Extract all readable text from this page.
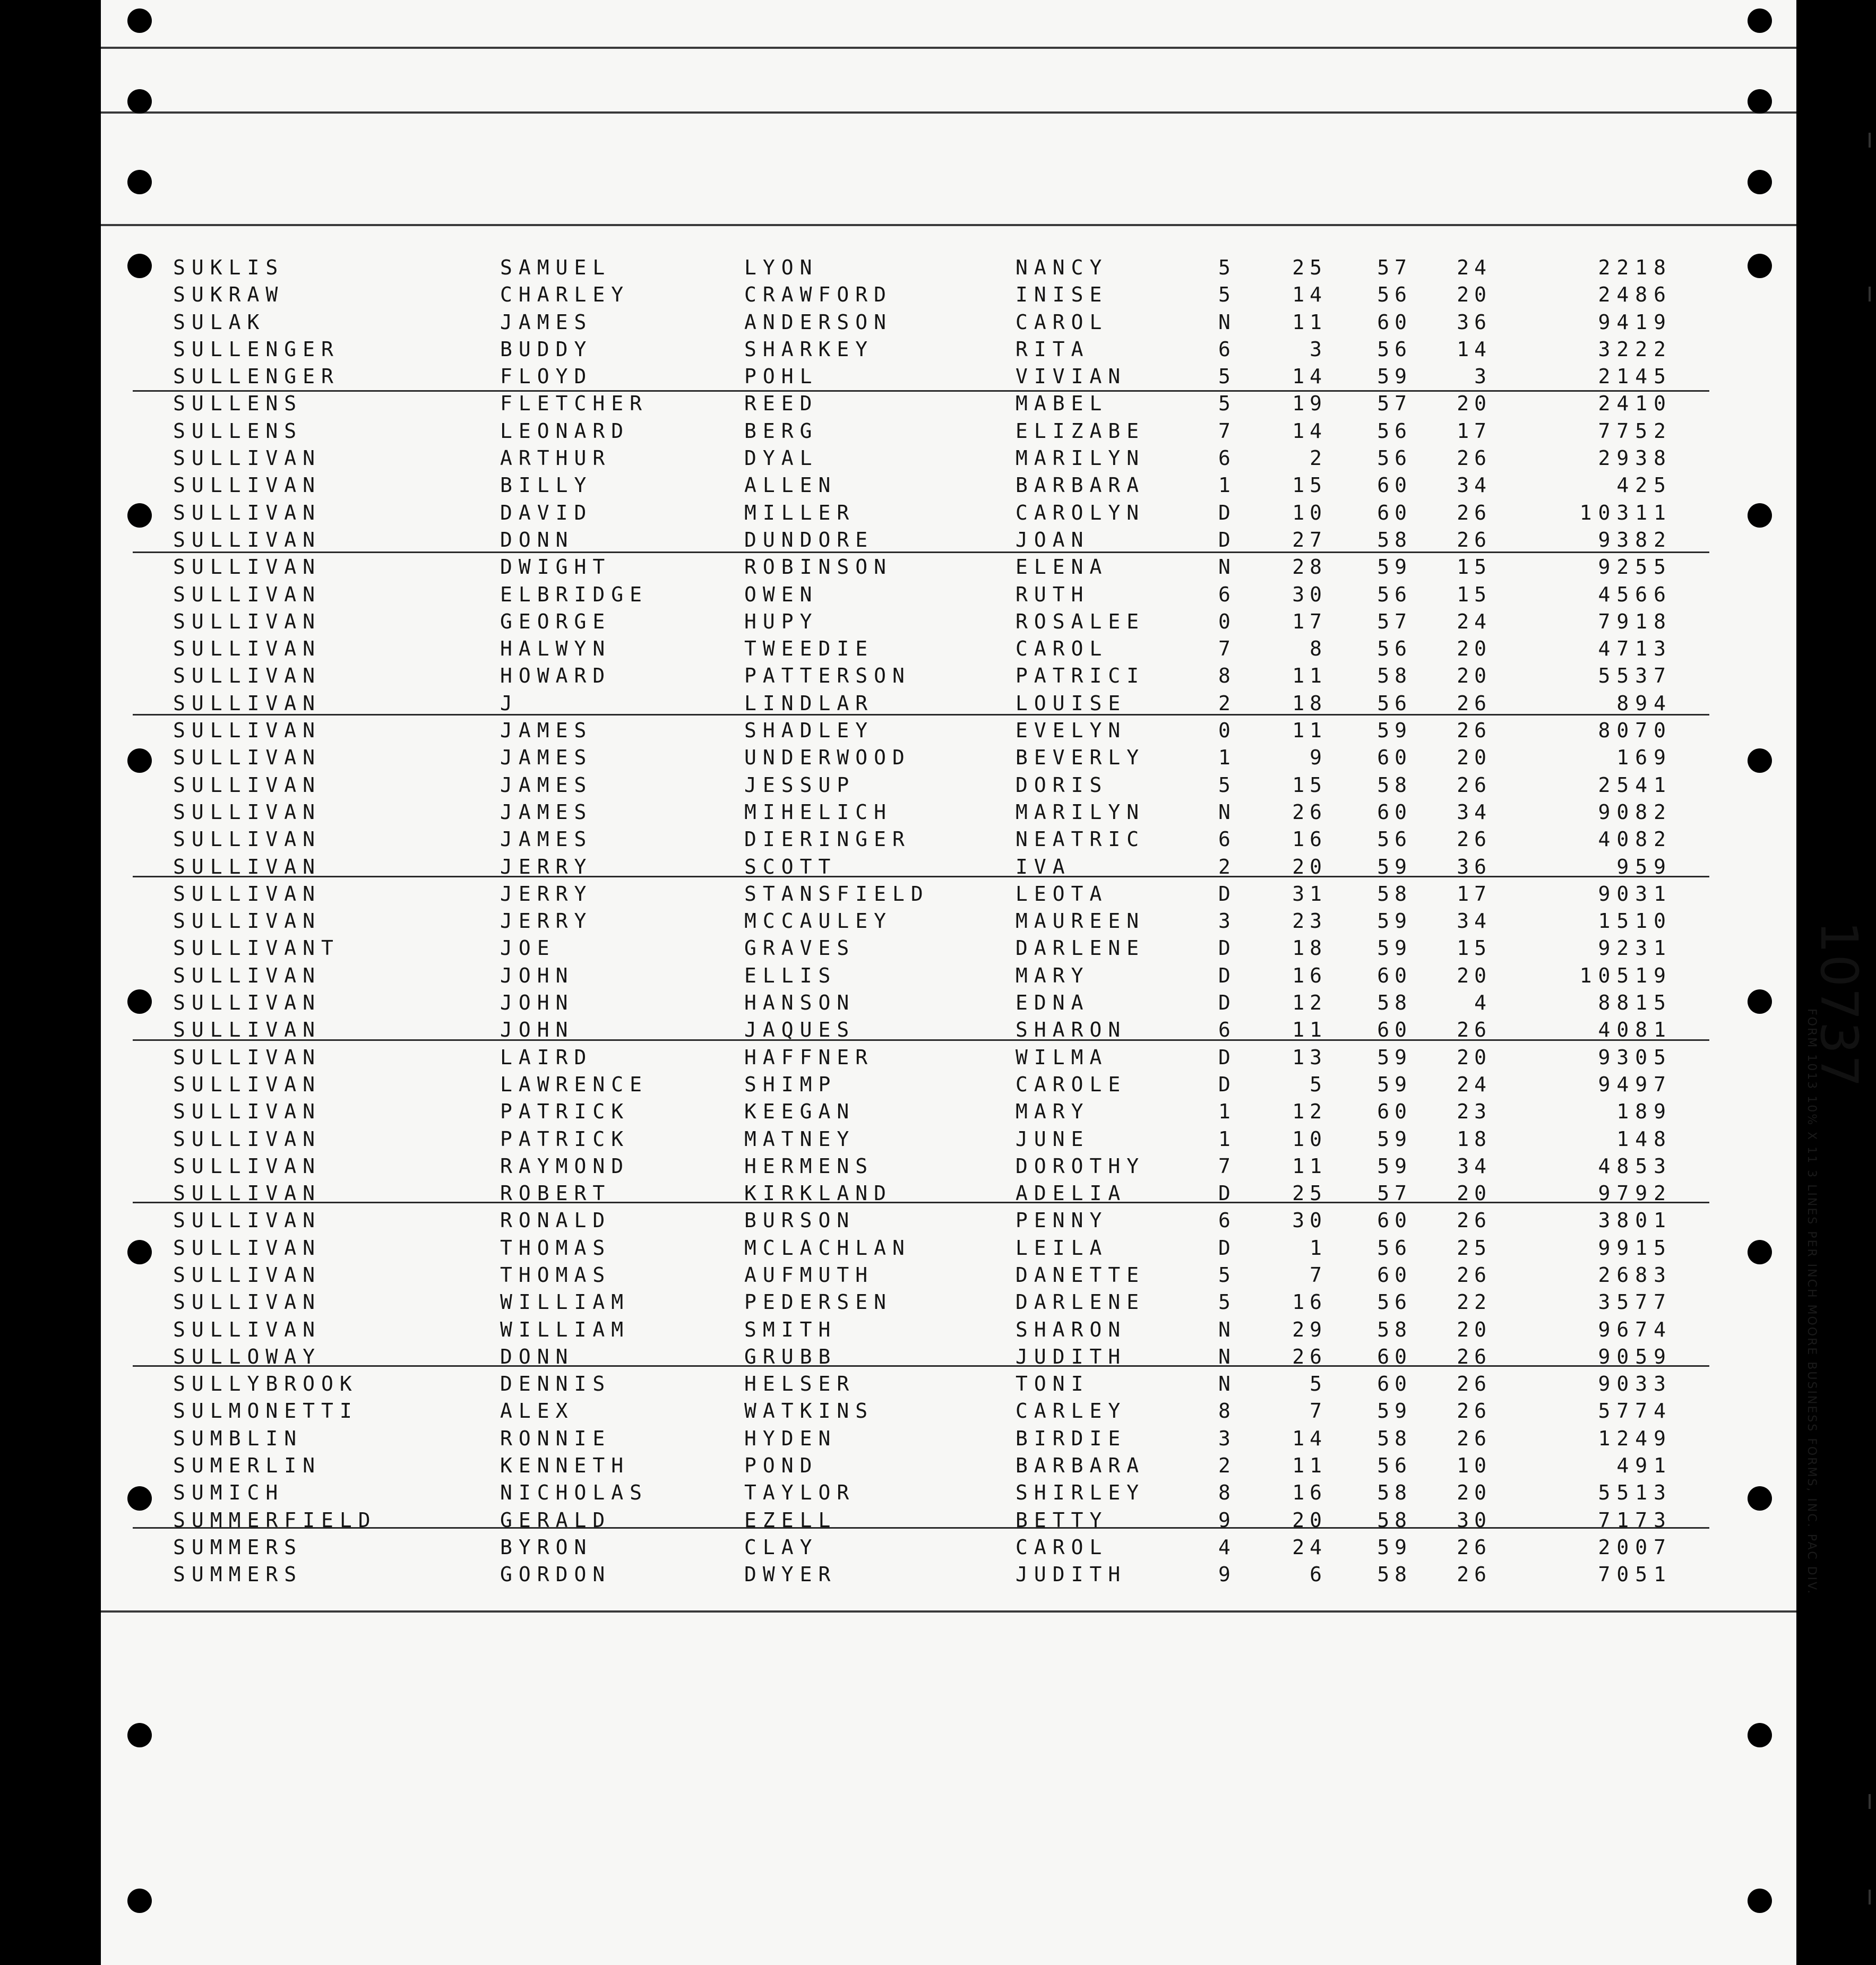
SUKLIS	SAMUEL	LYON	NANCY	5	25	57	24	2218
SUKRAW	CHARLEY	CRAWFORD	INISE	5	14	56	20	2486
SULAK	JAMES	ANDERSON	CAROL	N	11	60	36	9419
SULLENGER	BUDDY	SHARKEY	RITA	6	3	56	14	3222
SULLENGER	FLOYD	POHL	VIVIAN	5	14	59	3	2145
SULLENS	FLETCHER	REED	MABEL	5	19	57	20	2410
SULLENS	LEONARD	BERG	ELIZABE	7	14	56	17	7752
SULLIVAN	ARTHUR	DYAL	MARILYN	6	2	56	26	2938
SULLIVAN	BILLY	ALLEN	BARBARA	1	15	60	34	425
SULLIVAN	DAVID	MILLER	CAROLYN	D	10	60	26	10311
SULLIVAN	DONN	DUNDORE	JOAN	D	27	58	26	9382
SULLIVAN	DWIGHT	ROBINSON	ELENA	N	28	59	15	9255
SULLIVAN	ELBRIDGE	OWEN	RUTH	6	30	56	15	4566
SULLIVAN	GEORGE	HUPY	ROSALEE	0	17	57	24	7918
SULLIVAN	HALWYN	TWEEDIE	CAROL	7	8	56	20	4713
SULLIVAN	HOWARD	PATTERSON	PATRICI	8	11	58	20	5537
SULLIVAN	J	LINDLAR	LOUISE	2	18	56	26	894
SULLIVAN	JAMES	SHADLEY	EVELYN	0	11	59	26	8070
SULLIVAN	JAMES	UNDERWOOD	BEVERLY	1	9	60	20	169
SULLIVAN	JAMES	JESSUP	DORIS	5	15	58	26	2541
SULLIVAN	JAMES	MIHELICH	MARILYN	N	26	60	34	9082
SULLIVAN	JAMES	DIERINGER	NEATRIC	6	16	56	26	4082
SULLIVAN	JERRY	SCOTT	IVA	2	20	59	36	959
SULLIVAN	JERRY	STANSFIELD	LEOTA	D	31	58	17	9031
SULLIVAN	JERRY	MCCAULEY	MAUREEN	3	23	59	34	1510
SULLIVANT	JOE	GRAVES	DARLENE	D	18	59	15	9231
SULLIVAN	JOHN	ELLIS	MARY	D	16	60	20	10519
SULLIVAN	JOHN	HANSON	EDNA	D	12	58	4	8815
SULLIVAN	JOHN	JAQUES	SHARON	6	11	60	26	4081
SULLIVAN	LAIRD	HAFFNER	WILMA	D	13	59	20	9305
SULLIVAN	LAWRENCE	SHIMP	CAROLE	D	5	59	24	9497
SULLIVAN	PATRICK	KEEGAN	MARY	1	12	60	23	189
SULLIVAN	PATRICK	MATNEY	JUNE	1	10	59	18	148
SULLIVAN	RAYMOND	HERMENS	DOROTHY	7	11	59	34	4853
SULLIVAN	ROBERT	KIRKLAND	ADELIA	D	25	57	20	9792
SULLIVAN	RONALD	BURSON	PENNY	6	30	60	26	3801
SULLIVAN	THOMAS	MCLACHLAN	LEILA	D	1	56	25	9915
SULLIVAN	THOMAS	AUFMUTH	DANETTE	5	7	60	26	2683
SULLIVAN	WILLIAM	PEDERSEN	DARLENE	5	16	56	22	3577
SULLIVAN	WILLIAM	SMITH	SHARON	N	29	58	20	9674
SULLOWAY	DONN	GRUBB	JUDITH	N	26	60	26	9059
SULLYBROOK	DENNIS	HELSER	TONI	N	5	60	26	9033
SULMONETTI	ALEX	WATKINS	CARLEY	8	7	59	26	5774
SUMBLIN	RONNIE	HYDEN	BIRDIE	3	14	58	26	1249
SUMERLIN	KENNETH	POND	BARBARA	2	11	56	10	491
SUMICH	NICHOLAS	TAYLOR	SHIRLEY	8	16	58	20	5513
SUMMERFIELD	GERALD	EZELL	BETTY	9	20	58	30	7173
SUMMERS	BYRON	CLAY	CAROL	4	24	59	26	2007
SUMMERS	GORDON	DWYER	JUDITH	9	6	58	26	7051	FORM 1013 10% X 11 3 LINES PER INCH MOORE BUSINESS FORMS, INC. PAC DIV.
10737
